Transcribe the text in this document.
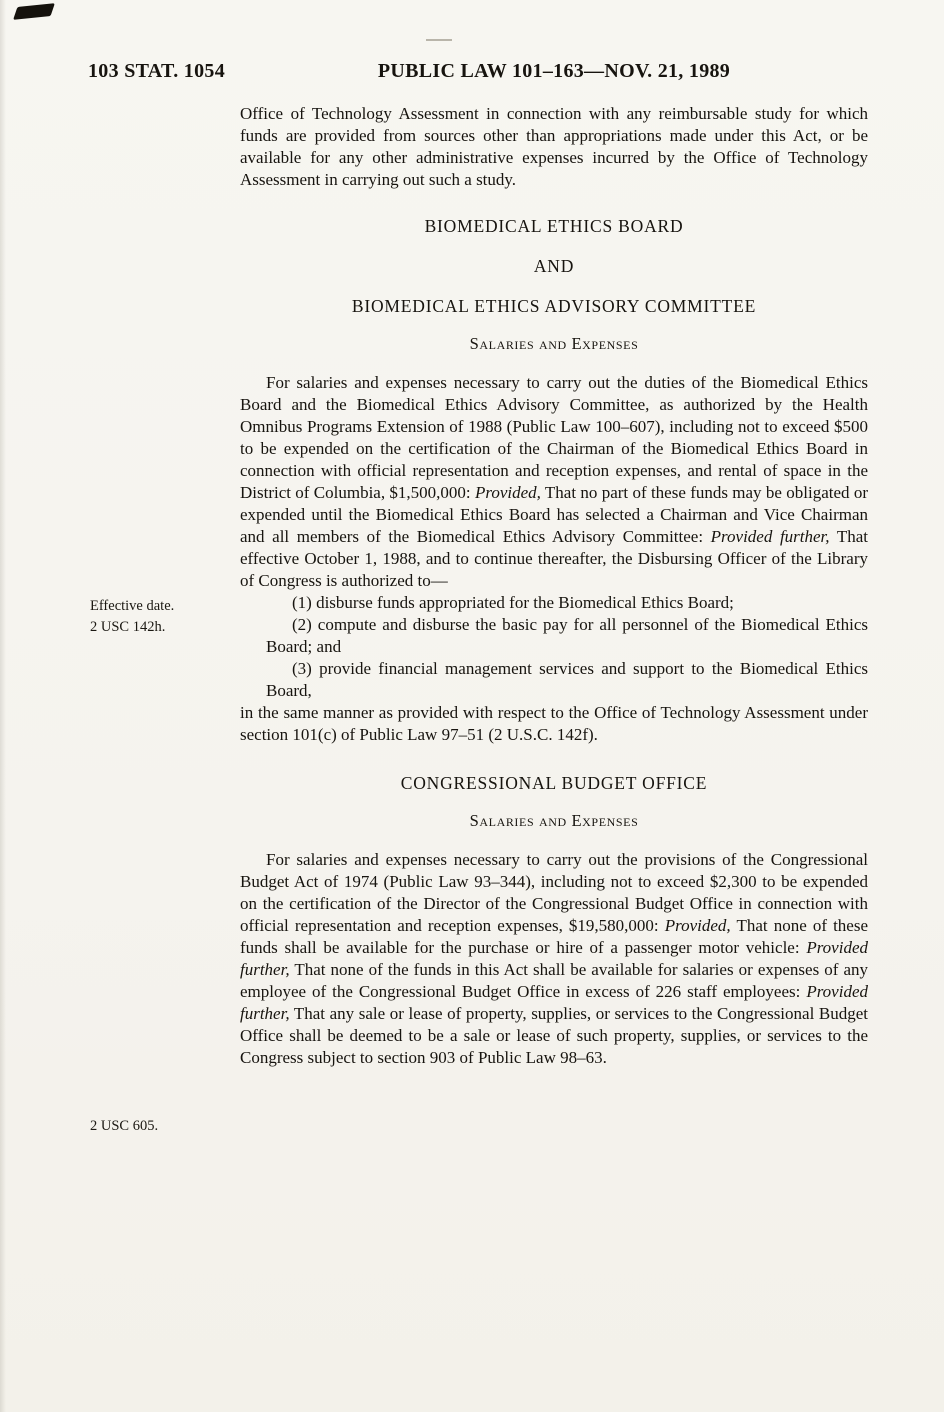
103 STAT. 1054	PUBLIC LAW 101–163—NOV. 21, 1989
Effective date.
2 USC 142h.
2 USC 605.

Office of Technology Assessment in connection with any reimbursable study for which funds are provided from sources other than appropriations made under this Act, or be available for any other administrative expenses incurred by the Office of Technology Assessment in carrying out such a study.

BIOMEDICAL ETHICS BOARD
AND
BIOMEDICAL ETHICS ADVISORY COMMITTEE
Salaries and Expenses

For salaries and expenses necessary to carry out the duties of the Biomedical Ethics Board and the Biomedical Ethics Advisory Committee, as authorized by the Health Omnibus Programs Extension of 1988 (Public Law 100–607), including not to exceed $500 to be expended on the certification of the Chairman of the Biomedical Ethics Board in connection with official representation and reception expenses, and rental of space in the District of Columbia, $1,500,000: Provided, That no part of these funds may be obligated or expended until the Biomedical Ethics Board has selected a Chairman and Vice Chairman and all members of the Biomedical Ethics Advisory Committee: Provided further, That effective October 1, 1988, and to continue thereafter, the Disbursing Officer of the Library of Congress is authorized to—

(1) disburse funds appropriated for the Biomedical Ethics Board;

(2) compute and disburse the basic pay for all personnel of the Biomedical Ethics Board; and

(3) provide financial management services and support to the Biomedical Ethics Board,

in the same manner as provided with respect to the Office of Technology Assessment under section 101(c) of Public Law 97–51 (2 U.S.C. 142f).

CONGRESSIONAL BUDGET OFFICE
Salaries and Expenses

For salaries and expenses necessary to carry out the provisions of the Congressional Budget Act of 1974 (Public Law 93–344), including not to exceed $2,300 to be expended on the certification of the Director of the Congressional Budget Office in connection with official representation and reception expenses, $19,580,000: Provided, That none of these funds shall be available for the purchase or hire of a passenger motor vehicle: Provided further, That none of the funds in this Act shall be available for salaries or expenses of any employee of the Congressional Budget Office in excess of 226 staff employees: Provided further, That any sale or lease of property, supplies, or services to the Congressional Budget Office shall be deemed to be a sale or lease of such property, supplies, or services to the Congress subject to section 903 of Public Law 98–63.
